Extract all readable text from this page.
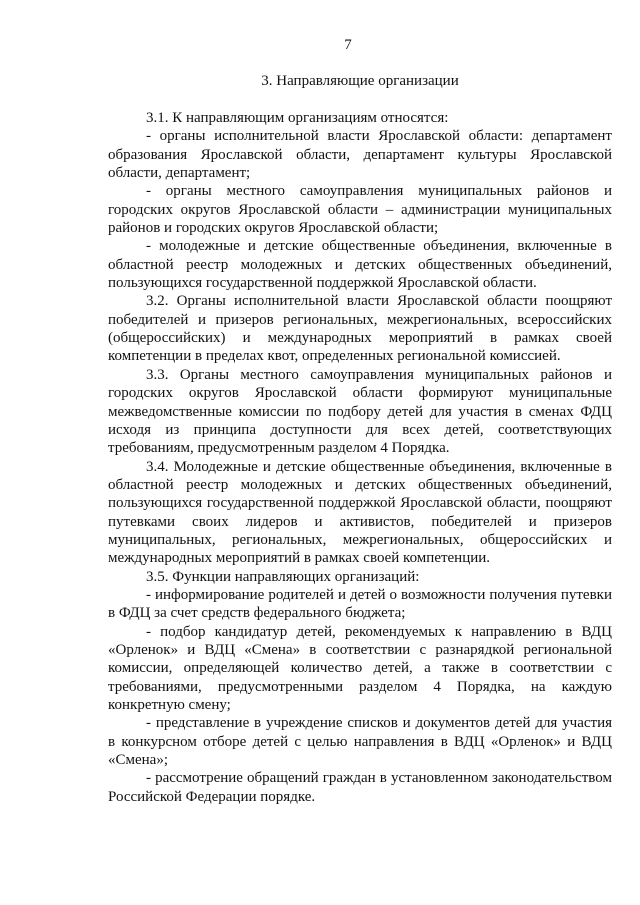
7
3. Направляющие организации

3.1. К направляющим организациям относятся:

- органы исполнительной власти Ярославской области: департамент образования Ярославской области, департамент культуры Ярославской области, департамент;

- органы местного самоуправления муниципальных районов и городских округов Ярославской области – администрации муниципальных районов и городских округов Ярославской области;

- молодежные и детские общественные объединения, включенные в областной реестр молодежных и детских общественных объединений, пользующихся государственной поддержкой Ярославской области.

3.2. Органы исполнительной власти Ярославской области поощряют победителей и призеров региональных, межрегиональных, всероссийских (общероссийских) и международных мероприятий в рамках своей компетенции в пределах квот, определенных региональной комиссией.

3.3. Органы местного самоуправления муниципальных районов и городских округов Ярославской области формируют муниципальные межведомственные комиссии по подбору детей для участия в сменах ФДЦ исходя из принципа доступности для всех детей, соответствующих требованиям, предусмотренным разделом 4 Порядка.

3.4. Молодежные и детские общественные объединения, включенные в областной реестр молодежных и детских общественных объединений, пользующихся государственной поддержкой Ярославской области, поощряют путевками своих лидеров и активистов, победителей и призеров муниципальных, региональных, межрегиональных, общероссийских и международных мероприятий в рамках своей компетенции.

3.5. Функции направляющих организаций:

- информирование родителей и детей о возможности получения путевки в ФДЦ за счет средств федерального бюджета;

- подбор кандидатур детей, рекомендуемых к направлению в ВДЦ «Орленок» и ВДЦ «Смена» в соответствии с разнарядкой региональной комиссии, определяющей количество детей, а также в соответствии с требованиями, предусмотренными разделом 4 Порядка, на каждую конкретную смену;

- представление в учреждение списков и документов детей для участия в конкурсном отборе детей с целью направления в ВДЦ «Орленок» и ВДЦ «Смена»;

- рассмотрение обращений граждан в установленном законодательством Российской Федерации порядке.
